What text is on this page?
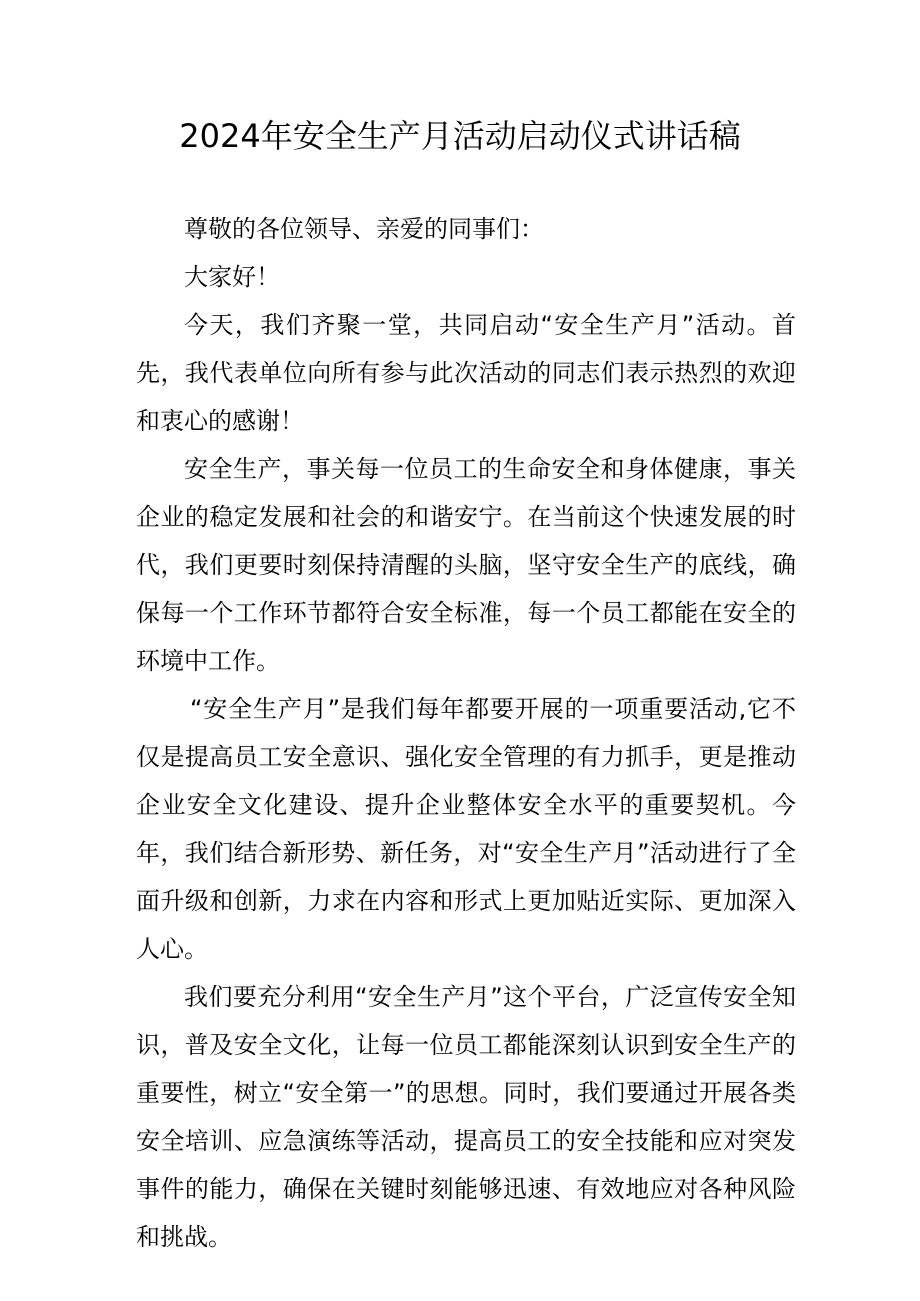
2024年安全生产月活动启动仪式讲话稿

尊敬的各位领导、亲爱的同事们：

大家好！

今天，我们齐聚一堂，共同启动“安全生产月”活动。首先，我代表单位向所有参与此次活动的同志们表示热烈的欢迎和衷心的感谢！

安全生产，事关每一位员工的生命安全和身体健康，事关企业的稳定发展和社会的和谐安宁。在当前这个快速发展的时代，我们更要时刻保持清醒的头脑，坚守安全生产的底线，确保每一个工作环节都符合安全标准，每一个员工都能在安全的环境中工作。

“安全生产月”是我们每年都要开展的一项重要活动,它不仅是提高员工安全意识、强化安全管理的有力抓手，更是推动企业安全文化建设、提升企业整体安全水平的重要契机。今年，我们结合新形势、新任务，对“安全生产月”活动进行了全面升级和创新，力求在内容和形式上更加贴近实际、更加深入人心。

我们要充分利用“安全生产月”这个平台，广泛宣传安全知识，普及安全文化，让每一位员工都能深刻认识到安全生产的重要性，树立“安全第一”的思想。同时，我们要通过开展各类安全培训、应急演练等活动，提高员工的安全技能和应对突发事件的能力，确保在关键时刻能够迅速、有效地应对各种风险和挑战。
